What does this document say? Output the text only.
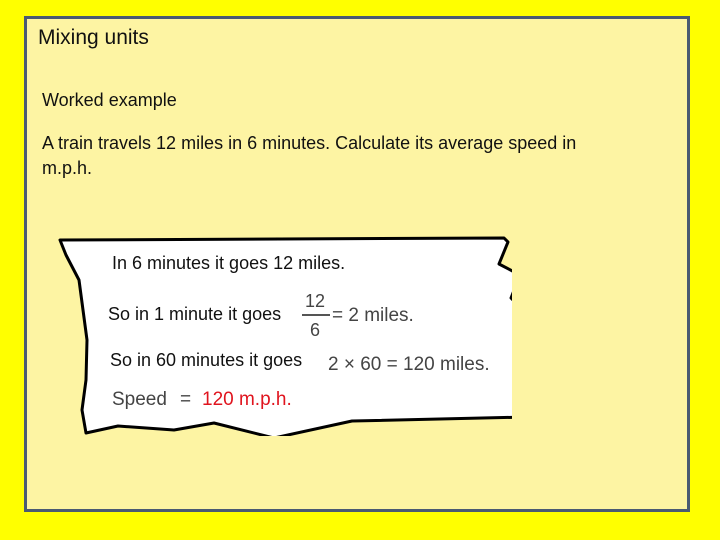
Mixing units
Worked example
A train travels 12 miles in 6 minutes. Calculate its average speed in m.p.h.
In 6 minutes it goes 12 miles.
So in 1 minute it goes
12
6
= 2 miles.
So in 60 minutes it goes 2 × 60 = 120 miles.
Speed = 120 m.p.h.
